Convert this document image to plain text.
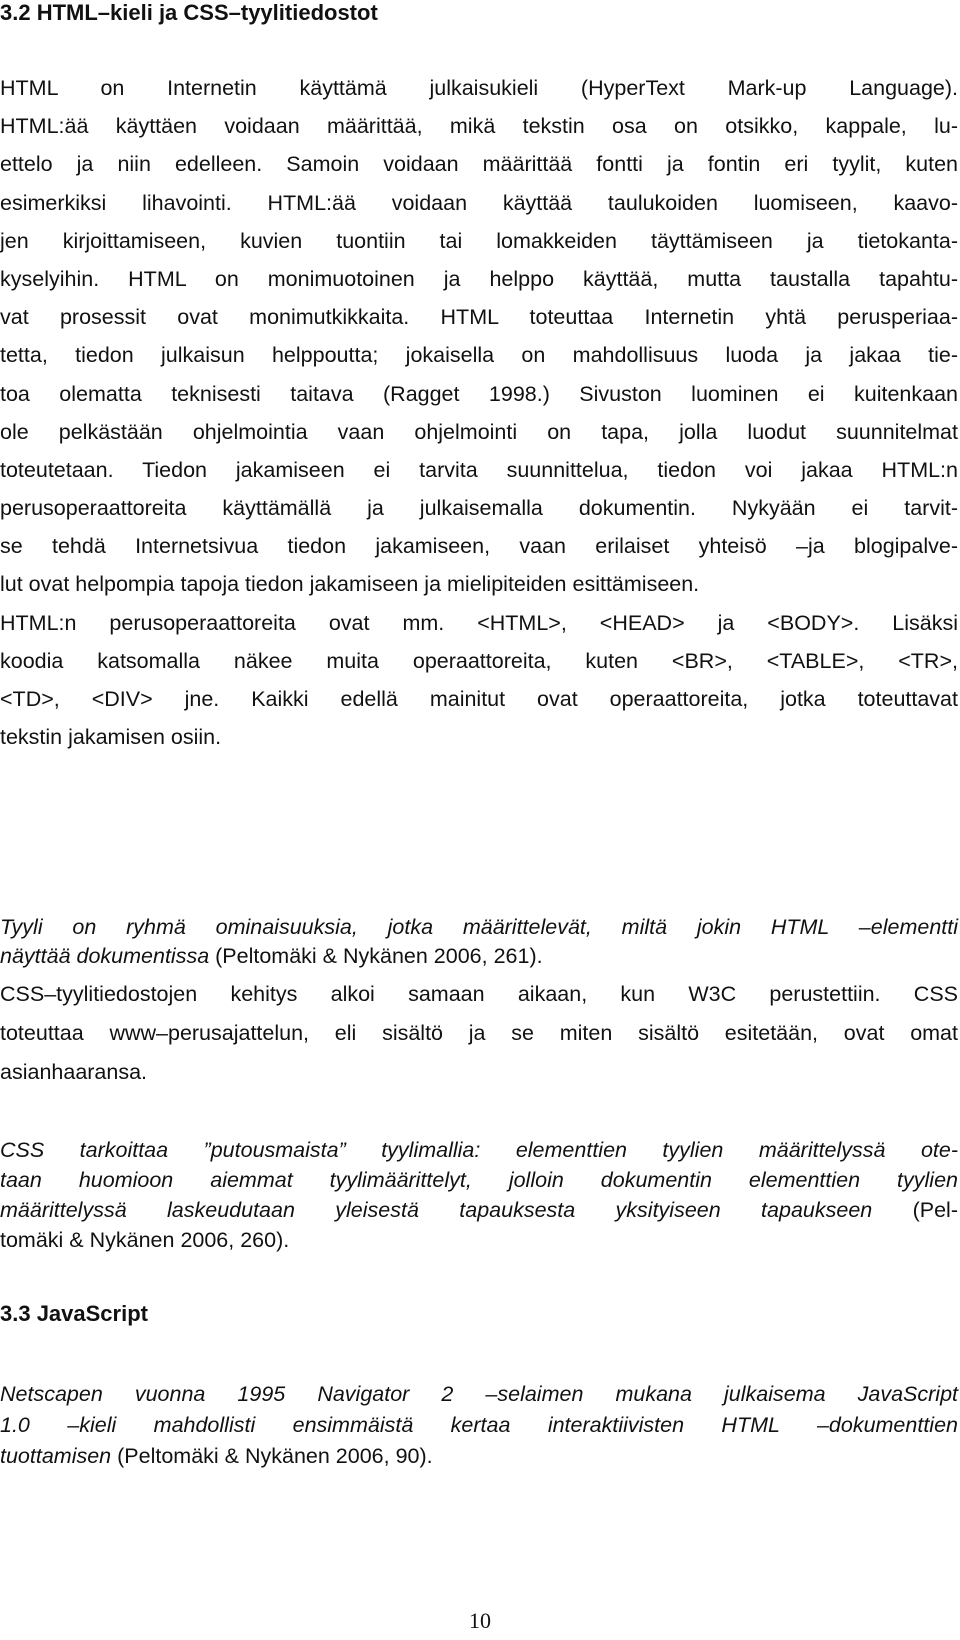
3.2 HTML–kieli ja CSS–tyylitiedostot

HTML on Internetin käyttämä julkaisukieli (HyperText Mark-up Language).
HTML:ää käyttäen voidaan määrittää, mikä tekstin osa on otsikko, kappale, lu-
ettelo ja niin edelleen. Samoin voidaan määrittää fontti ja fontin eri tyylit, kuten
esimerkiksi lihavointi. HTML:ää voidaan käyttää taulukoiden luomiseen, kaavo-
jen kirjoittamiseen, kuvien tuontiin tai lomakkeiden täyttämiseen ja tietokanta-
kyselyihin. HTML on monimuotoinen ja helppo käyttää, mutta taustalla tapahtu-
vat prosessit ovat monimutkikkaita. HTML toteuttaa Internetin yhtä perusperiaa-
tetta, tiedon julkaisun helppoutta; jokaisella on mahdollisuus luoda ja jakaa tie-
toa olematta teknisesti taitava (Ragget 1998.) Sivuston luominen ei kuitenkaan
ole pelkästään ohjelmointia vaan ohjelmointi on tapa, jolla luodut suunnitelmat
toteutetaan. Tiedon jakamiseen ei tarvita suunnittelua, tiedon voi jakaa HTML:n
perusoperaattoreita käyttämällä ja julkaisemalla dokumentin. Nykyään ei tarvit-
se tehdä Internetsivua tiedon jakamiseen, vaan erilaiset yhteisö –ja blogipalve-
lut ovat helpompia tapoja tiedon jakamiseen ja mielipiteiden esittämiseen.
HTML:n perusoperaattoreita ovat mm. <HTML>, <HEAD> ja <BODY>. Lisäksi
koodia katsomalla näkee muita operaattoreita, kuten <BR>, <TABLE>, <TR>,
<TD>, <DIV> jne. Kaikki edellä mainitut ovat operaattoreita, jotka toteuttavat
tekstin jakamisen osiin.

Tyyli on ryhmä ominaisuuksia, jotka määrittelevät, miltä jokin HTML –elementti
näyttää dokumentissa (Peltomäki & Nykänen 2006, 261).

CSS–tyylitiedostojen kehitys alkoi samaan aikaan, kun W3C perustettiin. CSS
toteuttaa www–perusajattelun, eli sisältö ja se miten sisältö esitetään, ovat omat
asianhaaransa.

CSS tarkoittaa ”putousmaista” tyylimallia: elementtien tyylien määrittelyssä ote-
taan huomioon aiemmat tyylimäärittelyt, jolloin dokumentin elementtien tyylien
määrittelyssä laskeudutaan yleisestä tapauksesta yksityiseen tapaukseen (Pel-
tomäki & Nykänen 2006, 260).

3.3 JavaScript

Netscapen vuonna 1995 Navigator 2 –selaimen mukana julkaisema JavaScript
1.0 –kieli mahdollisti ensimmäistä kertaa interaktiivisten HTML –dokumenttien
tuottamisen (Peltomäki & Nykänen 2006, 90).

10
